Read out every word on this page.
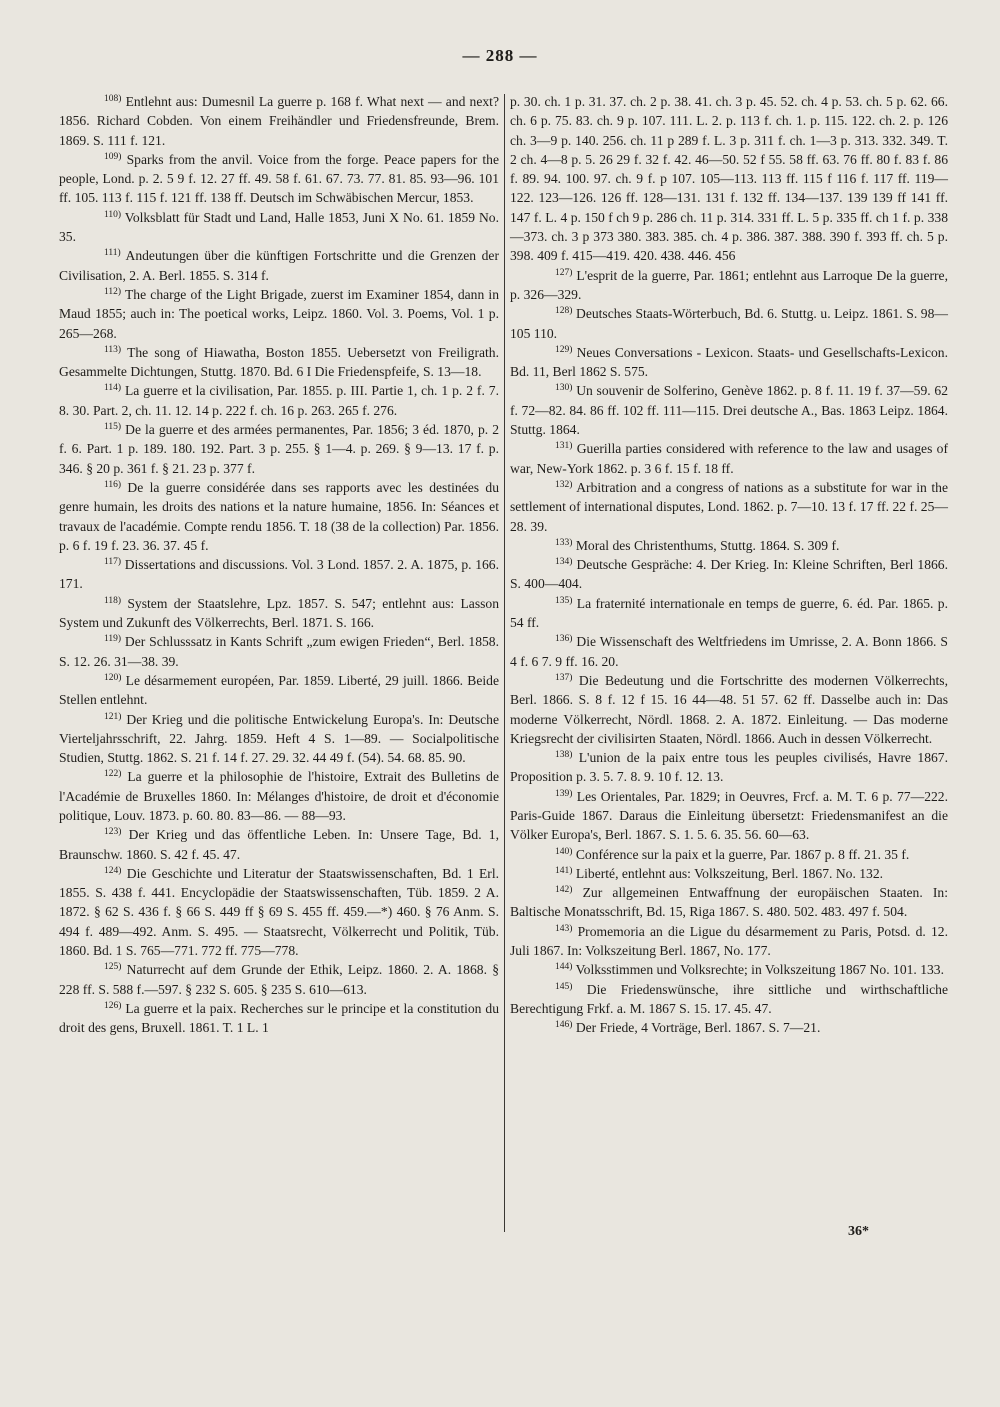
— 288 —

$^{108)}$ Entlehnt aus: Dumesnil La guerre p. 168 f. What next — and next? 1856. Richard Cobden. Von einem Freihändler und Friedensfreunde, Brem. 1869. S. 111 f. 121.

$^{109)}$ Sparks from the anvil. Voice from the forge. Peace papers for the people, Lond. p. 2. 5 9 f. 12. 27 ff. 49. 58 f. 61. 67. 73. 77. 81. 85. 93—96. 101 ff. 105. 113 f. 115 f. 121 ff. 138 ff. Deutsch im Schwäbischen Mercur, 1853.

$^{110)}$ Volksblatt für Stadt und Land, Halle 1853, Juni X No. 61. 1859 No. 35.

$^{111)}$ Andeutungen über die künftigen Fortschritte und die Grenzen der Civilisation, 2. A. Berl. 1855. S. 314 f.

$^{112)}$ The charge of the Light Brigade, zuerst im Examiner 1854, dann in Maud 1855; auch in: The poetical works, Leipz. 1860. Vol. 3. Poems, Vol. 1 p. 265—268.

$^{113)}$ The song of Hiawatha, Boston 1855. Uebersetzt von Freiligrath. Gesammelte Dichtungen, Stuttg. 1870. Bd. 6 I Die Friedenspfeife, S. 13—18.

$^{114)}$ La guerre et la civilisation, Par. 1855. p. III. Partie 1, ch. 1 p. 2 f. 7. 8. 30. Part. 2, ch. 11. 12. 14 p. 222 f. ch. 16 p. 263. 265 f. 276.

$^{115)}$ De la guerre et des armées permanentes, Par. 1856; 3 éd. 1870, p. 2 f. 6. Part. 1 p. 189. 180. 192. Part. 3 p. 255. § 1—4. p. 269. § 9—13. 17 f. p. 346. § 20 p. 361 f. § 21. 23 p. 377 f.

$^{116)}$ De la guerre considérée dans ses rapports avec les destinées du genre humain, les droits des nations et la nature humaine, 1856. In: Séances et travaux de l'académie. Compte rendu 1856. T. 18 (38 de la collection) Par. 1856. p. 6 f. 19 f. 23. 36. 37. 45 f.

$^{117)}$ Dissertations and discussions. Vol. 3 Lond. 1857. 2. A. 1875, p. 166. 171.

$^{118)}$ System der Staatslehre, Lpz. 1857. S. 547; entlehnt aus: Lasson System und Zukunft des Völkerrechts, Berl. 1871. S. 166.

$^{119)}$ Der Schlusssatz in Kants Schrift „zum ewigen Frieden“, Berl. 1858. S. 12. 26. 31—38. 39.

$^{120)}$ Le désarmement européen, Par. 1859. Liberté, 29 juill. 1866. Beide Stellen entlehnt.

$^{121)}$ Der Krieg und die politische Entwickelung Europa's. In: Deutsche Vierteljahrsschrift, 22. Jahrg. 1859. Heft 4 S. 1—89. — Socialpolitische Studien, Stuttg. 1862. S. 21 f. 14 f. 27. 29. 32. 44 49 f. (54). 54. 68. 85. 90.

$^{122)}$ La guerre et la philosophie de l'histoire, Extrait des Bulletins de l'Académie de Bruxelles 1860. In: Mélanges d'histoire, de droit et d'économie politique, Louv. 1873. p. 60. 80. 83—86. — 88—93.

$^{123)}$ Der Krieg und das öffentliche Leben. In: Unsere Tage, Bd. 1, Braunschw. 1860. S. 42 f. 45. 47.

$^{124)}$ Die Geschichte und Literatur der Staatswissenschaften, Bd. 1 Erl. 1855. S. 438 f. 441. Encyclopädie der Staatswissenschaften, Tüb. 1859. 2 A. 1872. § 62 S. 436 f. § 66 S. 449 ff § 69 S. 455 ff. 459.—*) 460. § 76 Anm. S. 494 f. 489—492. Anm. S. 495. — Staatsrecht, Völkerrecht und Politik, Tüb. 1860. Bd. 1 S. 765—771. 772 ff. 775—778.

$^{125)}$ Naturrecht auf dem Grunde der Ethik, Leipz. 1860. 2. A. 1868. § 228 ff. S. 588 f.—597. § 232 S. 605. § 235 S. 610—613.

$^{126)}$ La guerre et la paix. Recherches sur le principe et la constitution du droit des gens, Bruxell. 1861. T. 1 L. 1

p. 30. ch. 1 p. 31. 37. ch. 2 p. 38. 41. ch. 3 p. 45. 52. ch. 4 p. 53. ch. 5 p. 62. 66. ch. 6 p. 75. 83. ch. 9 p. 107. 111. L. 2. p. 113 f. ch. 1. p. 115. 122. ch. 2. p. 126 ch. 3—9 p. 140. 256. ch. 11 p 289 f. L. 3 p. 311 f. ch. 1—3 p. 313. 332. 349. T. 2 ch. 4—8 p. 5. 26 29 f. 32 f. 42. 46—50. 52 f 55. 58 ff. 63. 76 ff. 80 f. 83 f. 86 f. 89. 94. 100. 97. ch. 9 f. p 107. 105—113. 113 ff. 115 f 116 f. 117 ff. 119—122. 123—126. 126 ff. 128—131. 131 f. 132 ff. 134—137. 139 139 ff 141 ff. 147 f. L. 4 p. 150 f ch 9 p. 286 ch. 11 p. 314. 331 ff. L. 5 p. 335 ff. ch 1 f. p. 338—373. ch. 3 p 373 380. 383. 385. ch. 4 p. 386. 387. 388. 390 f. 393 ff. ch. 5 p. 398. 409 f. 415—419. 420. 438. 446. 456

$^{127)}$ L'esprit de la guerre, Par. 1861; entlehnt aus Larroque De la guerre, p. 326—329.

$^{128)}$ Deutsches Staats-Wörterbuch, Bd. 6. Stuttg. u. Leipz. 1861. S. 98—105 110.

$^{129)}$ Neues Conversations - Lexicon. Staats- und Gesellschafts-Lexicon. Bd. 11, Berl 1862 S. 575.

$^{130)}$ Un souvenir de Solferino, Genève 1862. p. 8 f. 11. 19 f. 37—59. 62 f. 72—82. 84. 86 ff. 102 ff. 111—115. Drei deutsche A., Bas. 1863 Leipz. 1864. Stuttg. 1864.

$^{131)}$ Guerilla parties considered with reference to the law and usages of war, New-York 1862. p. 3 6 f. 15 f. 18 ff.

$^{132)}$ Arbitration and a congress of nations as a substitute for war in the settlement of international disputes, Lond. 1862. p. 7—10. 13 f. 17 ff. 22 f. 25—28. 39.

$^{133)}$ Moral des Christenthums, Stuttg. 1864. S. 309 f.

$^{134)}$ Deutsche Gespräche: 4. Der Krieg. In: Kleine Schriften, Berl 1866. S. 400—404.

$^{135)}$ La fraternité internationale en temps de guerre, 6. éd. Par. 1865. p. 54 ff.

$^{136)}$ Die Wissenschaft des Weltfriedens im Umrisse, 2. A. Bonn 1866. S 4 f. 6 7. 9 ff. 16. 20.

$^{137)}$ Die Bedeutung und die Fortschritte des modernen Völkerrechts, Berl. 1866. S. 8 f. 12 f 15. 16 44—48. 51 57. 62 ff. Dasselbe auch in: Das moderne Völkerrecht, Nördl. 1868. 2. A. 1872. Einleitung. — Das moderne Kriegsrecht der civilisirten Staaten, Nördl. 1866. Auch in dessen Völkerrecht.

$^{138)}$ L'union de la paix entre tous les peuples civilisés, Havre 1867. Proposition p. 3. 5. 7. 8. 9. 10 f. 12. 13.

$^{139)}$ Les Orientales, Par. 1829; in Oeuvres, Frcf. a. M. T. 6 p. 77—222. Paris-Guide 1867. Daraus die Einleitung übersetzt: Friedensmanifest an die Völker Europa's, Berl. 1867. S. 1. 5. 6. 35. 56. 60—63.

$^{140)}$ Conférence sur la paix et la guerre, Par. 1867 p. 8 ff. 21. 35 f.

$^{141)}$ Liberté, entlehnt aus: Volkszeitung, Berl. 1867. No. 132.

$^{142)}$ Zur allgemeinen Entwaffnung der europäischen Staaten. In: Baltische Monatsschrift, Bd. 15, Riga 1867. S. 480. 502. 483. 497 f. 504.

$^{143)}$ Promemoria an die Ligue du désarmement zu Paris, Potsd. d. 12. Juli 1867. In: Volkszeitung Berl. 1867, No. 177.

$^{144)}$ Volksstimmen und Volksrechte; in Volkszeitung 1867 No. 101. 133.

$^{145)}$ Die Friedenswünsche, ihre sittliche und wirthschaftliche Berechtigung Frkf. a. M. 1867 S. 15. 17. 45. 47.

$^{146)}$ Der Friede, 4 Vorträge, Berl. 1867. S. 7—21.

36*
